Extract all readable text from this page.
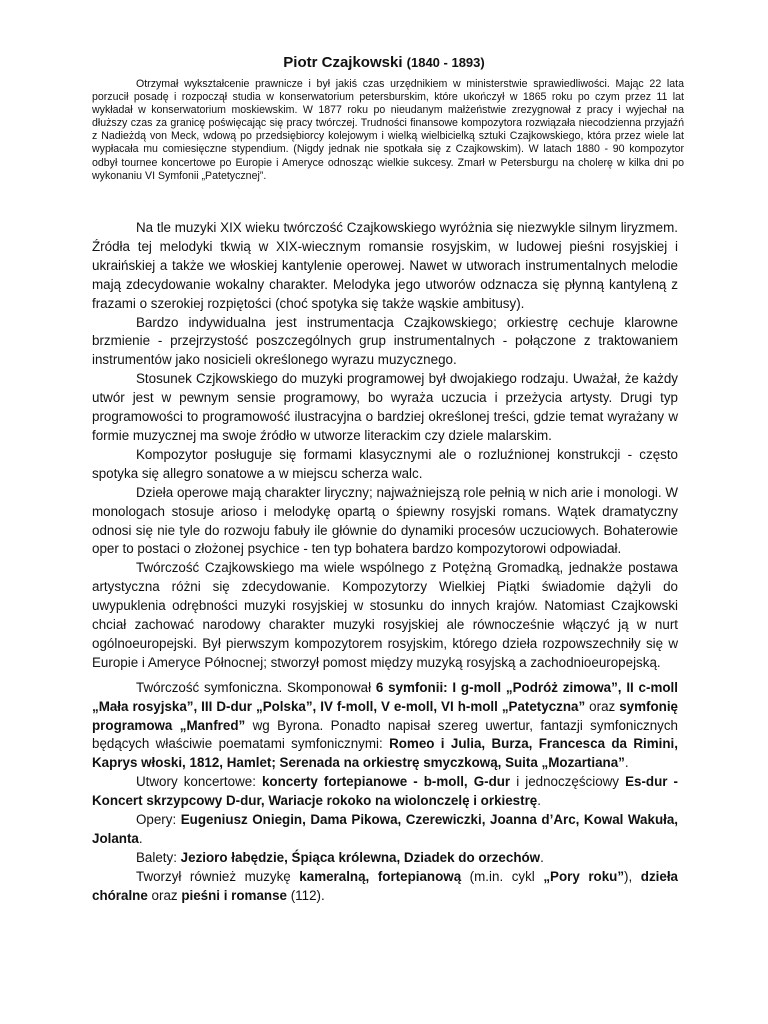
Piotr Czajkowski (1840 - 1893)

Otrzymał wykształcenie prawnicze i był jakiś czas urzędnikiem w ministerstwie sprawiedliwości. Mając 22 lata porzucił posadę i rozpoczął studia w konserwatorium petersburskim, które ukończył w 1865 roku po czym przez 11 lat wykładał w konserwatorium moskiewskim. W 1877 roku po nieudanym małżeństwie zrezygnował z pracy i wyjechał na dłuższy czas za granicę poświęcając się pracy twórczej. Trudności finansowe kompozytora rozwiązała niecodzienna przyjaźń z Nadieżdą von Meck, wdową po przedsiębiorcy kolejowym i wielką wielbicielką sztuki Czajkowskiego, która przez wiele lat wypłacała mu comiesięczne stypendium. (Nigdy jednak nie spotkała się z Czajkowskim). W latach 1880 - 90 kompozytor odbył tournee koncertowe po Europie i Ameryce odnosząc wielkie sukcesy. Zmarł w Petersburgu na cholerę w kilka dni po wykonaniu VI Symfonii „Patetycznej”.

Na tle muzyki XIX wieku twórczość Czajkowskiego wyróżnia się niezwykle silnym liryzmem. Źródła tej melodyki tkwią w XIX-wiecznym romansie rosyjskim, w ludowej pieśni rosyjskiej i ukraińskiej a także we włoskiej kantylenie operowej. Nawet w utworach instrumentalnych melodie mają zdecydowanie wokalny charakter. Melodyka jego utworów odznacza się płynną kantyleną z frazami o szerokiej rozpiętości (choć spotyka się także wąskie ambitusy).

Bardzo indywidualna jest instrumentacja Czajkowskiego; orkiestrę cechuje klarowne brzmienie - przejrzystość poszczególnych grup instrumentalnych - połączone z traktowaniem instrumentów jako nosicieli określonego wyrazu muzycznego.

Stosunek Czjkowskiego do muzyki programowej był dwojakiego rodzaju. Uważał, że każdy utwór jest w pewnym sensie programowy, bo wyraża uczucia i przeżycia artysty. Drugi typ programowości to programowość ilustracyjna o bardziej określonej treści, gdzie temat wyrażany w formie muzycznej ma swoje źródło w utworze literackim czy dziele malarskim.

Kompozytor posługuje się formami klasycznymi ale o rozluźnionej konstrukcji - często spotyka się allegro sonatowe a w miejscu scherza walc.

Dzieła operowe mają charakter liryczny; najważniejszą role pełnią w nich arie i monologi. W monologach stosuje arioso i melodykę opartą o śpiewny rosyjski romans. Wątek dramatyczny odnosi się nie tyle do rozwoju fabuły ile głównie do dynamiki procesów uczuciowych. Bohaterowie oper to postaci o złożonej psychice - ten typ bohatera bardzo kompozytorowi odpowiadał.

Twórczość Czajkowskiego ma wiele wspólnego z Potężną Gromadką, jednakże postawa artystyczna różni się zdecydowanie. Kompozytorzy Wielkiej Piątki świadomie dążyli do uwypuklenia odrębności muzyki rosyjskiej w stosunku do innych krajów. Natomiast Czajkowski chciał zachować narodowy charakter muzyki rosyjskiej ale równocześnie włączyć ją w nurt ogólnoeuropejski. Był pierwszym kompozytorem rosyjskim, którego dzieła rozpowszechniły się w Europie i Ameryce Północnej; stworzył pomost między muzyką rosyjską a zachodnioeuropejską.

Twórczość symfoniczna. Skomponował 6 symfonii: I g-moll „Podróż zimowa”, II c-moll „Mała rosyjska”, III D-dur „Polska”, IV f-moll, V e-moll, VI h-moll „Patetyczna” oraz symfonię programowa „Manfred” wg Byrona. Ponadto napisał szereg uwertur, fantazji symfonicznych będących właściwie poematami symfonicznymi: Romeo i Julia, Burza, Francesca da Rimini, Kaprys włoski, 1812, Hamlet; Serenada na orkiestrę smyczkową, Suita „Mozartiana”.

Utwory koncertowe: koncerty fortepianowe - b-moll, G-dur i jednoczęściowy Es-dur - Koncert skrzypcowy D-dur, Wariacje rokoko na wiolonczelę i orkiestrę.

Opery: Eugeniusz Oniegin, Dama Pikowa, Czerewiczki, Joanna d’Arc, Kowal Wakuła, Jolanta.

Balety: Jezioro łabędzie, Śpiąca królewna, Dziadek do orzechów.

Tworzył również muzykę kameralną, fortepianową (m.in. cykl „Pory roku”), dzieła chóralne oraz pieśni i romanse (112).
